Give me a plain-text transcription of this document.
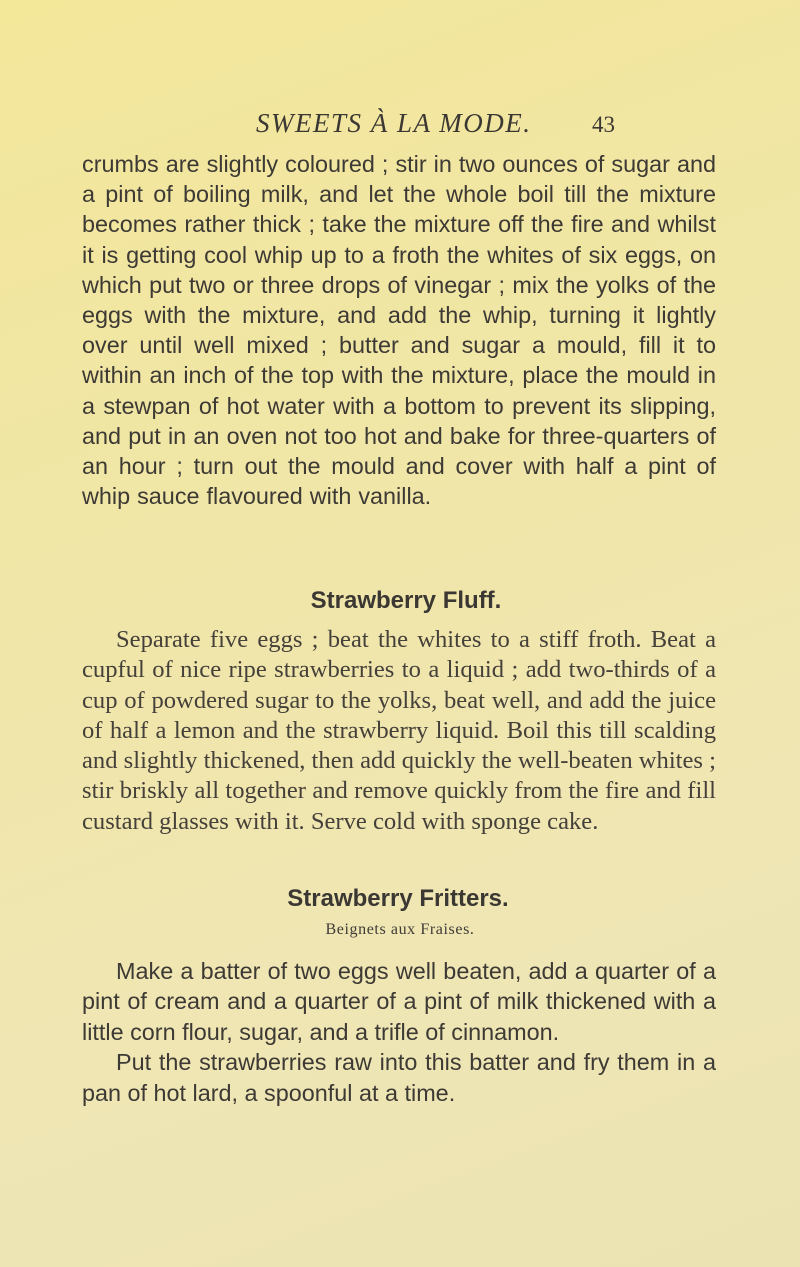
SWEETS À LA MODE.	43

crumbs are slightly coloured ; stir in two ounces of sugar and a pint of boiling milk, and let the whole boil till the mixture becomes rather thick ; take the mixture off the fire and whilst it is getting cool whip up to a froth the whites of six eggs, on which put two or three drops of vinegar ; mix the yolks of the eggs with the mixture, and add the whip, turning it lightly over until well mixed ; butter and sugar a mould, fill it to within an inch of the top with the mixture, place the mould in a stewpan of hot water with a bottom to prevent its slipping, and put in an oven not too hot and bake for three-quarters of an hour ; turn out the mould and cover with half a pint of whip sauce flavoured with vanilla.

Strawberry Fluff.

Separate five eggs ; beat the whites to a stiff froth. Beat a cupful of nice ripe strawberries to a liquid ; add two-thirds of a cup of powdered sugar to the yolks, beat well, and add the juice of half a lemon and the strawberry liquid. Boil this till scalding and slightly thickened, then add quickly the well-beaten whites ; stir briskly all together and remove quickly from the fire and fill custard glasses with it. Serve cold with sponge cake.

Strawberry Fritters.
Beignets aux Fraises.

Make a batter of two eggs well beaten, add a quarter of a pint of cream and a quarter of a pint of milk thickened with a little corn flour, sugar, and a trifle of cinnamon.

Put the strawberries raw into this batter and fry them in a pan of hot lard, a spoonful at a time.
